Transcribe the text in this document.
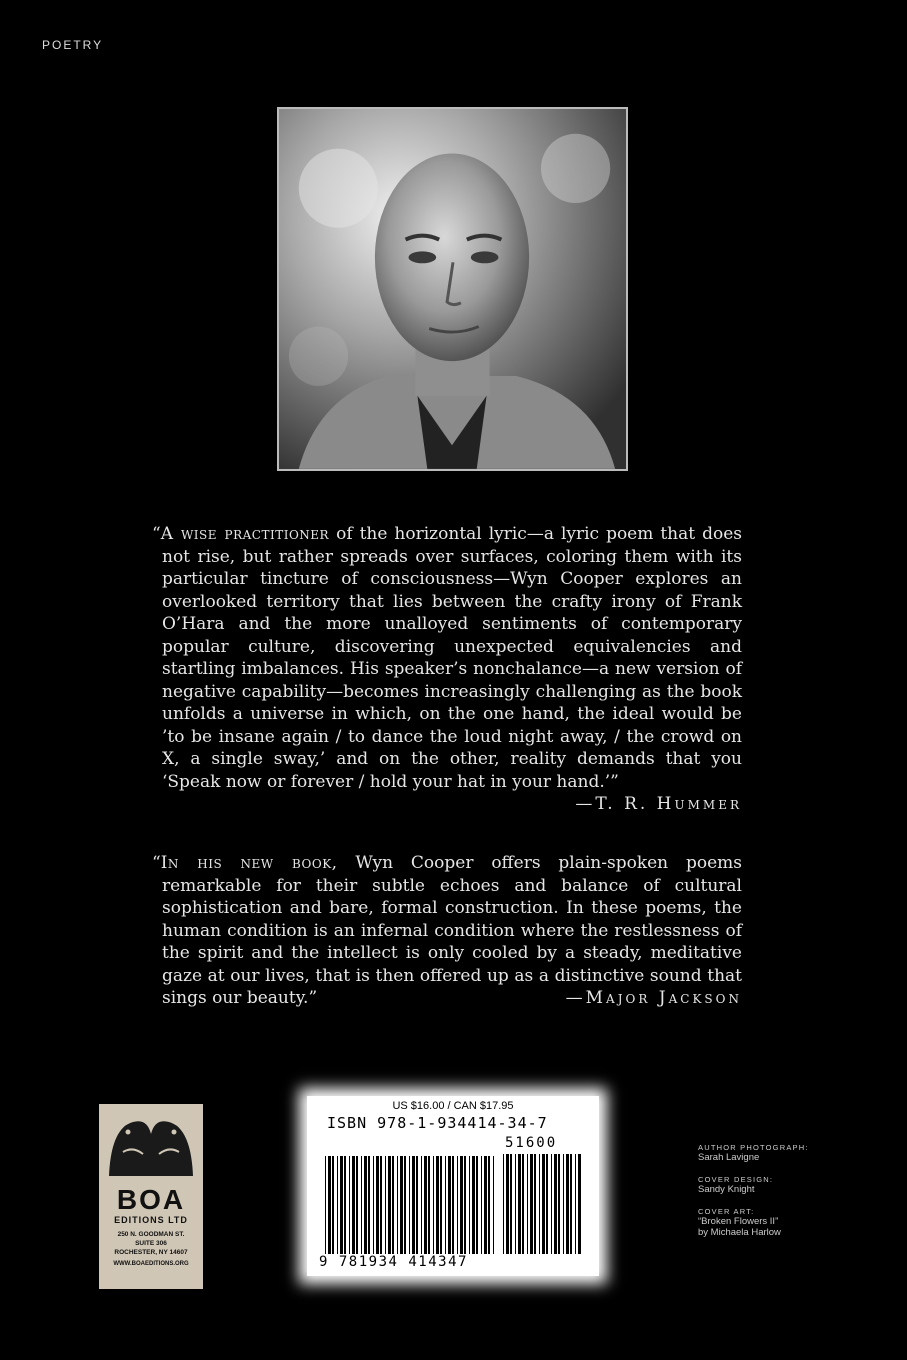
POETRY

“A wise practitioner of the horizontal lyric—a lyric poem that does not rise, but rather spreads over surfaces, coloring them with its particular tincture of consciousness—Wyn Cooper explores an overlooked territory that lies between the crafty irony of Frank O’Hara and the more unalloyed sentiments of contemporary popular culture, discovering unexpected equivalencies and startling imbalances. His speaker’s nonchalance—a new version of negative capability—becomes increasingly challenging as the book unfolds a universe in which, on the one hand, the ideal would be ’to be insane again / to dance the loud night away, / the crowd on X, a single sway,’ and on the other, reality demands that you ‘Speak now or forever / hold your hat in your hand.’”
—T. R. Hummer

“In his new book, Wyn Cooper offers plain-spoken poems remarkable for their subtle echoes and balance of cultural sophistication and bare, formal construction. In these poems, the human condition is an infernal condition where the restlessness of the spirit and the intellect is only cooled by a steady, meditative gaze at our lives, that is then offered up as a distinctive sound that sings our beauty.”	—Major Jackson

BOA
EDITIONS LTD
250 N. GOODMAN ST.
SUITE 306
ROCHESTER, NY 14607
WWW.BOAEDITIONS.ORG
US $16.00 / CAN $17.95
ISBN 978-1-934414-34-7
51600
9 781934 414347
AUTHOR PHOTOGRAPH:
Sarah Lavigne
COVER DESIGN:
Sandy Knight
COVER ART:
“Broken Flowers II”
by Michaela Harlow
